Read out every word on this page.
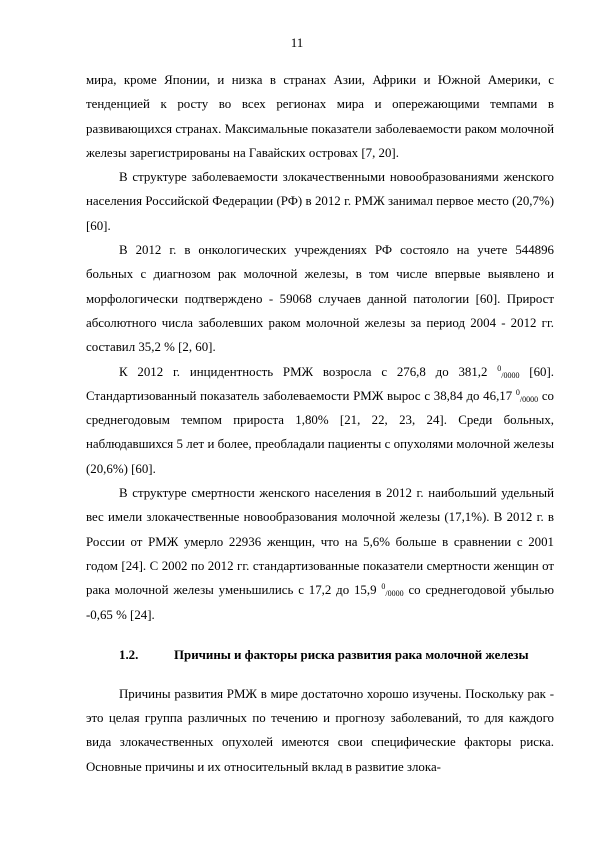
11

мира, кроме Японии, и низка в странах Азии, Африки и Южной Америки, с тенденцией к росту во всех регионах мира и опережающими темпами в развивающихся странах. Максимальные показатели заболеваемости раком молочной железы зарегистрированы на Гавайских островах [7, 20].

В структуре заболеваемости злокачественными новообразованиями женского населения Российской Федерации (РФ) в 2012 г. РМЖ занимал первое место (20,7%) [60].

В 2012 г. в онкологических учреждениях РФ состояло на учете 544896 больных с диагнозом рак молочной железы, в том числе впервые выявлено и морфологически подтверждено - 59068 случаев данной патологии [60]. Прирост абсолютного числа заболевших раком молочной железы за период 2004 - 2012 гг. составил 35,2 % [2, 60].

К 2012 г. инцидентность РМЖ возросла с 276,8 до 381,2 $^0_{/0000}$ [60]. Стандартизованный показатель заболеваемости РМЖ вырос с 38,84 до 46,17 $^0_{/0000}$ со среднегодовым темпом прироста 1,80% [21, 22, 23, 24]. Среди больных, наблюдавшихся 5 лет и более, преобладали пациенты с опухолями молочной железы (20,6%) [60].

В структуре смертности женского населения в 2012 г. наибольший удельный вес имели злокачественные новообразования молочной железы (17,1%). В 2012 г. в России от РМЖ умерло 22936 женщин, что на 5,6% больше в сравнении с 2001 годом [24]. С 2002 по 2012 гг. стандартизованные показатели смертности женщин от рака молочной железы уменьшились с 17,2 до 15,9 $^0_{/0000}$ со среднегодовой убылью -0,65 % [24].

1.2.	Причины и факторы риска развития рака молочной железы

Причины развития РМЖ в мире достаточно хорошо изучены. Поскольку рак - это целая группа различных по течению и прогнозу заболеваний, то для каждого вида злокачественных опухолей имеются свои специфические факторы риска. Основные причины и их относительный вклад в развитие злока-
